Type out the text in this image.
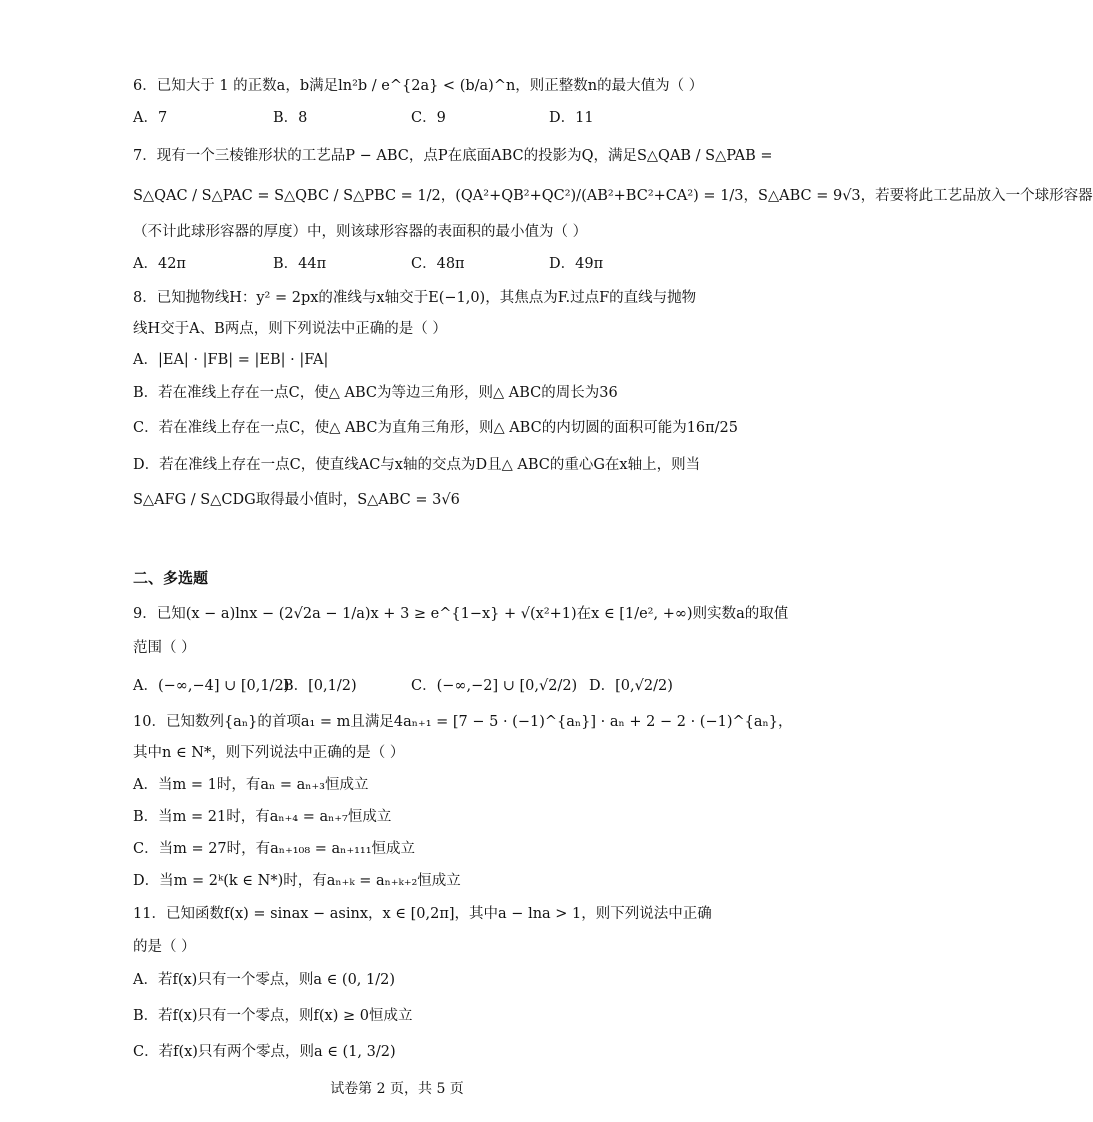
6．已知大于 1 的正数a，b满足ln²b / e^{2a} < (b/a)^n，则正整数n的最大值为（ ）
A．7	B．8	C．9	D．11
7．现有一个三棱锥形状的工艺品P − ABC，点P在底面ABC的投影为Q，满足S△QAB / S△PAB =
S△QAC / S△PAC = S△QBC / S△PBC = 1/2，(QA²+QB²+QC²)/(AB²+BC²+CA²) = 1/3，S△ABC = 9√3，若要将此工艺品放入一个球形容器
（不计此球形容器的厚度）中，则该球形容器的表面积的最小值为（ ）
A．42π	B．44π	C．48π	D．49π
8．已知抛物线H：y² = 2px的准线与x轴交于E(−1,0)，其焦点为F.过点F的直线与抛物
线H交于A、B两点，则下列说法中正确的是（ ）
A．|EA| · |FB| = |EB| · |FA|
B．若在准线上存在一点C，使△ ABC为等边三角形，则△ ABC的周长为36
C．若在准线上存在一点C，使△ ABC为直角三角形，则△ ABC的内切圆的面积可能为16π/25
D．若在准线上存在一点C，使直线AC与x轴的交点为D且△ ABC的重心G在x轴上，则当
S△AFG / S△CDG取得最小值时，S△ABC = 3√6
二、多选题
9．已知(x − a)lnx − (2√2a − 1/a)x + 3 ≥ e^{1−x} + √(x²+1)在x ∈ [1/e², +∞)则实数a的取值
范围（ ）
A．(−∞,−4] ∪ [0,1/2)
B．[0,1/2)	C．(−∞,−2] ∪ [0,√2/2) D．[0,√2/2)
10．已知数列{aₙ}的首项a₁ = m且满足4aₙ₊₁ = [7 − 5 · (−1)^{aₙ}] · aₙ + 2 − 2 · (−1)^{aₙ}，
其中n ∈ N*，则下列说法中正确的是（ ）
A．当m = 1时，有aₙ = aₙ₊₃恒成立
B．当m = 21时，有aₙ₊₄ = aₙ₊₇恒成立
C．当m = 27时，有aₙ₊₁₀₈ = aₙ₊₁₁₁恒成立
D．当m = 2ᵏ(k ∈ N*)时，有aₙ₊ₖ = aₙ₊ₖ₊₂恒成立
11．已知函数f(x) = sinax − asinx，x ∈ [0,2π]，其中a − lna > 1，则下列说法中正确
的是（ ）
A．若f(x)只有一个零点，则a ∈ (0, 1/2)
B．若f(x)只有一个零点，则f(x) ≥ 0恒成立
C．若f(x)只有两个零点，则a ∈ (1, 3/2)
试卷第 2 页，共 5 页
